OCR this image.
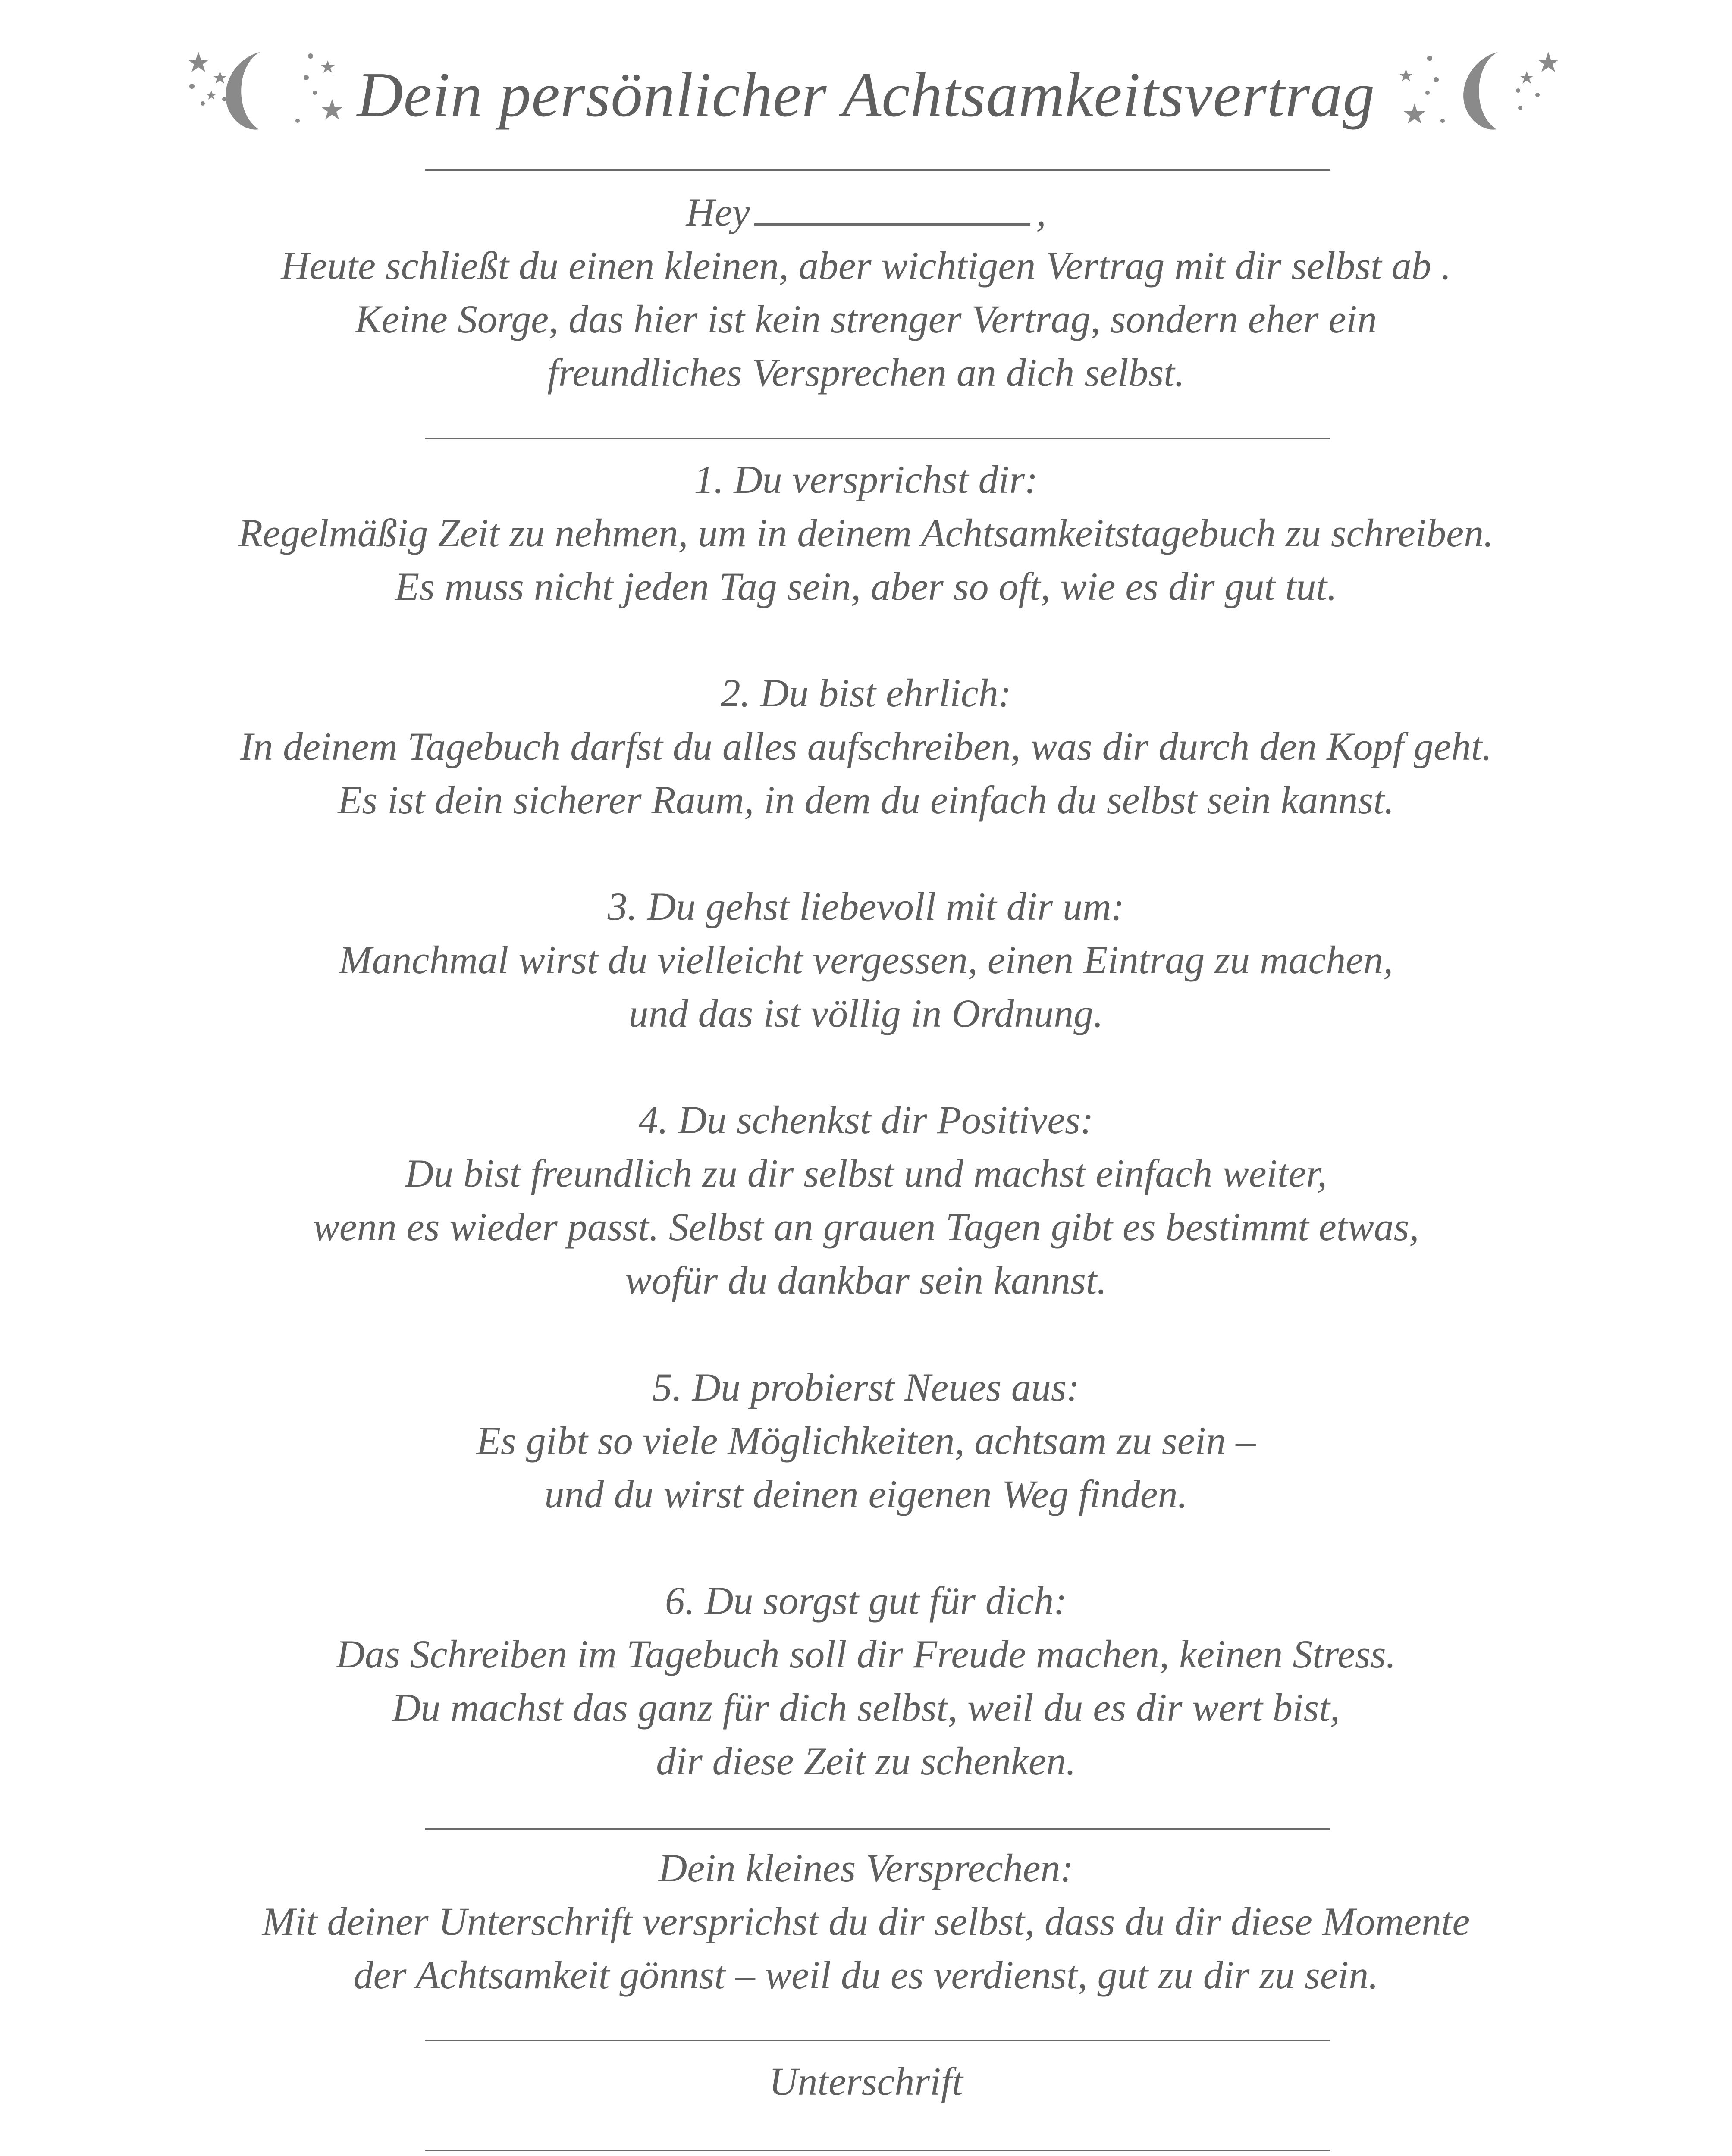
Dein persönlicher Achtsamkeitsvertrag

Hey	,

Heute schließt du einen kleinen, aber wichtigen Vertrag mit dir selbst ab .

Keine Sorge, das hier ist kein strenger Vertrag, sondern eher ein

freundliches Versprechen an dich selbst.

1. Du versprichst dir:

Regelmäßig Zeit zu nehmen, um in deinem Achtsamkeitstagebuch zu schreiben.

Es muss nicht jeden Tag sein, aber so oft, wie es dir gut tut.

2. Du bist ehrlich:

In deinem Tagebuch darfst du alles aufschreiben, was dir durch den Kopf geht.

Es ist dein sicherer Raum, in dem du einfach du selbst sein kannst.

3. Du gehst liebevoll mit dir um:

Manchmal wirst du vielleicht vergessen, einen Eintrag zu machen,

und das ist völlig in Ordnung.

4. Du schenkst dir Positives:

Du bist freundlich zu dir selbst und machst einfach weiter,

wenn es wieder passt. Selbst an grauen Tagen gibt es bestimmt etwas,

wofür du dankbar sein kannst.

5. Du probierst Neues aus:

Es gibt so viele Möglichkeiten, achtsam zu sein –

und du wirst deinen eigenen Weg finden.

6. Du sorgst gut für dich:

Das Schreiben im Tagebuch soll dir Freude machen, keinen Stress.

Du machst das ganz für dich selbst, weil du es dir wert bist,

dir diese Zeit zu schenken.

Dein kleines Versprechen:

Mit deiner Unterschrift versprichst du dir selbst, dass du dir diese Momente

der Achtsamkeit gönnst – weil du es verdienst, gut zu dir zu sein.

Unterschrift
